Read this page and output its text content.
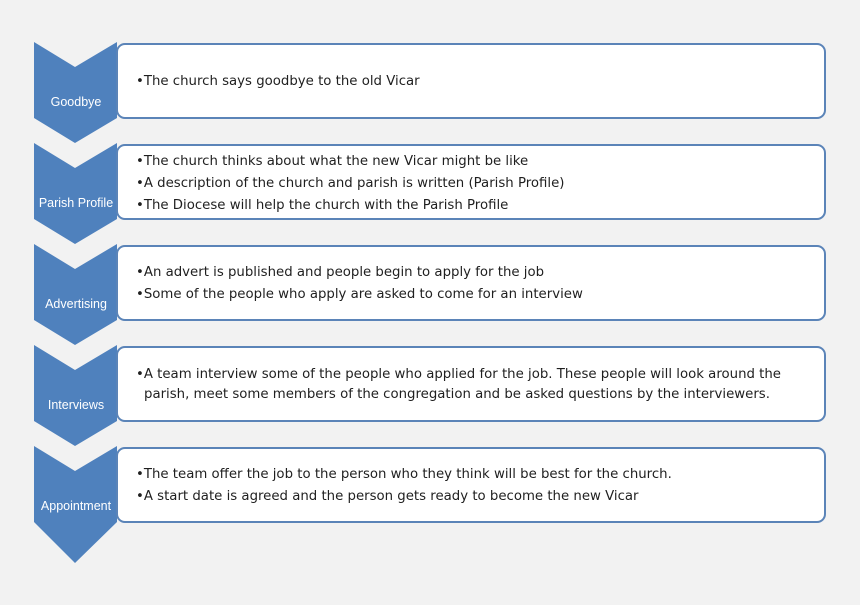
Goodbye
Parish Profile
Advertising
Interviews
Appointment
• The church says goodbye to the old Vicar
• The church thinks about what the new Vicar might be like
• A description of the church and parish is written (Parish Profile)
• The Diocese will help the church with the Parish Profile
• An advert is published and people begin to apply for the job
• Some of the people who apply are asked to come for an interview
• A team interview some of the people who applied for the job. These people will look around the parish, meet some members of the congregation and be asked questions by the interviewers.
• The team offer the job to the person who they think will be best for the church.
• A start date is agreed and the person gets ready to become the new Vicar
